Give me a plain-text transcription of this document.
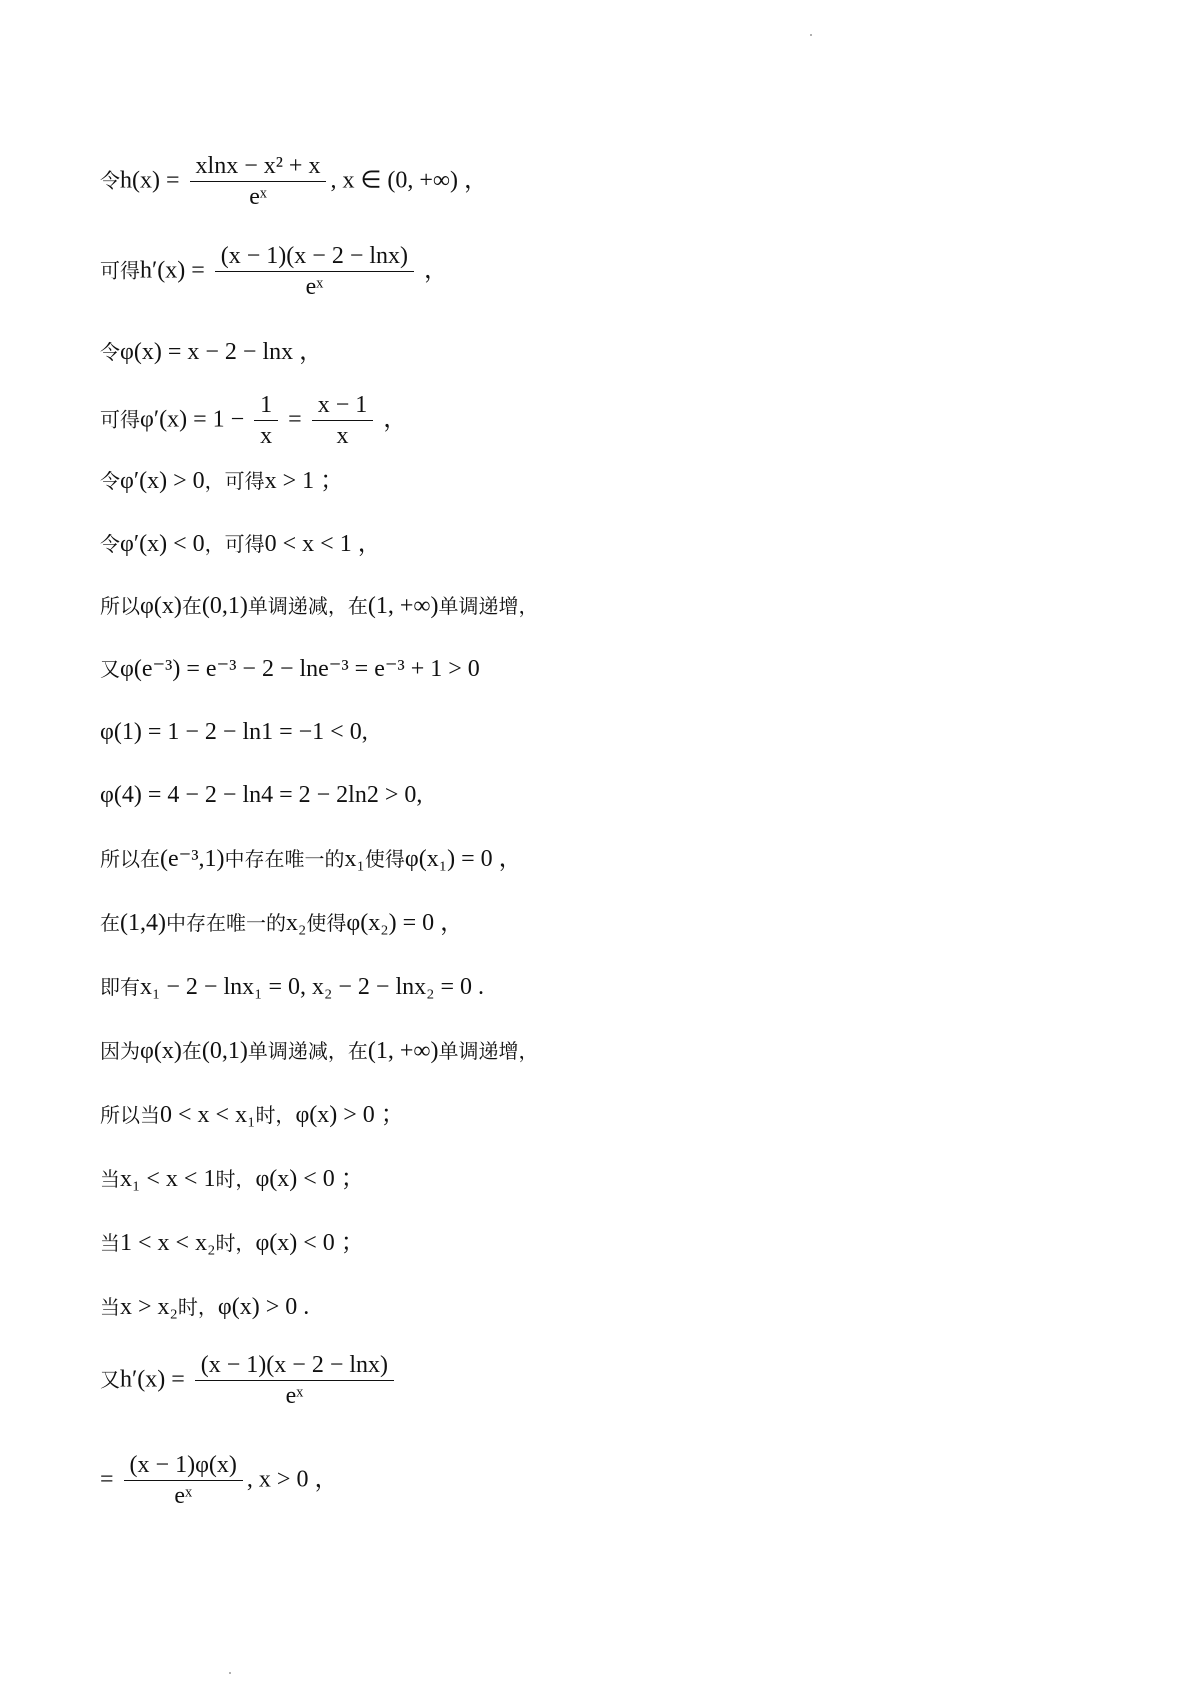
令$h(x) = \frac{\text{xlnx − x² + x}}{\text{eˣ}}$ , x ∈ (0, +∞) ，
可得$h'(x) = \frac{(x - 1)(x - 2 - \ln x)}{\text{eˣ}}$ ，
令φ(x) = x − 2 − lnx ，
可得$\varphi'(x) = 1 - \frac{1}{x} = \frac{x - 1}{x}$ ，
令φ′(x) > 0，可得x > 1 ；
令φ′(x) < 0，可得0 < x < 1 ，
所以φ(x)在(0,1)单调递减，在(1, +∞)单调递增，
又φ(e⁻³) = e⁻³ − 2 − lne⁻³ = e⁻³ + 1 > 0
φ(1) = 1 − 2 − ln1 = −1 < 0,
φ(4) = 4 − 2 − ln4 = 2 − 2ln2 > 0,
所以在(e⁻³,1)中存在唯一的x₁使得φ(x₁) = 0 ，
在(1,4)中存在唯一的x₂使得φ(x₂) = 0 ，
即有x₁ − 2 − lnx₁ = 0, x₂ − 2 − lnx₂ = 0 .
因为φ(x)在(0,1)单调递减，在(1, +∞)单调递增，
所以当0 < x < x₁时，φ(x) > 0 ；
当x₁ < x < 1时，φ(x) < 0 ；
当1 < x < x₂时，φ(x) < 0 ；
当x > x₂时，φ(x) > 0 .
又$h'(x) = \frac{(x - 1)(x - 2 - \ln x)}{\text{eˣ}}$
= $\frac{(x - 1)\varphi(x)}{\text{eˣ}}$ , x > 0 ，
